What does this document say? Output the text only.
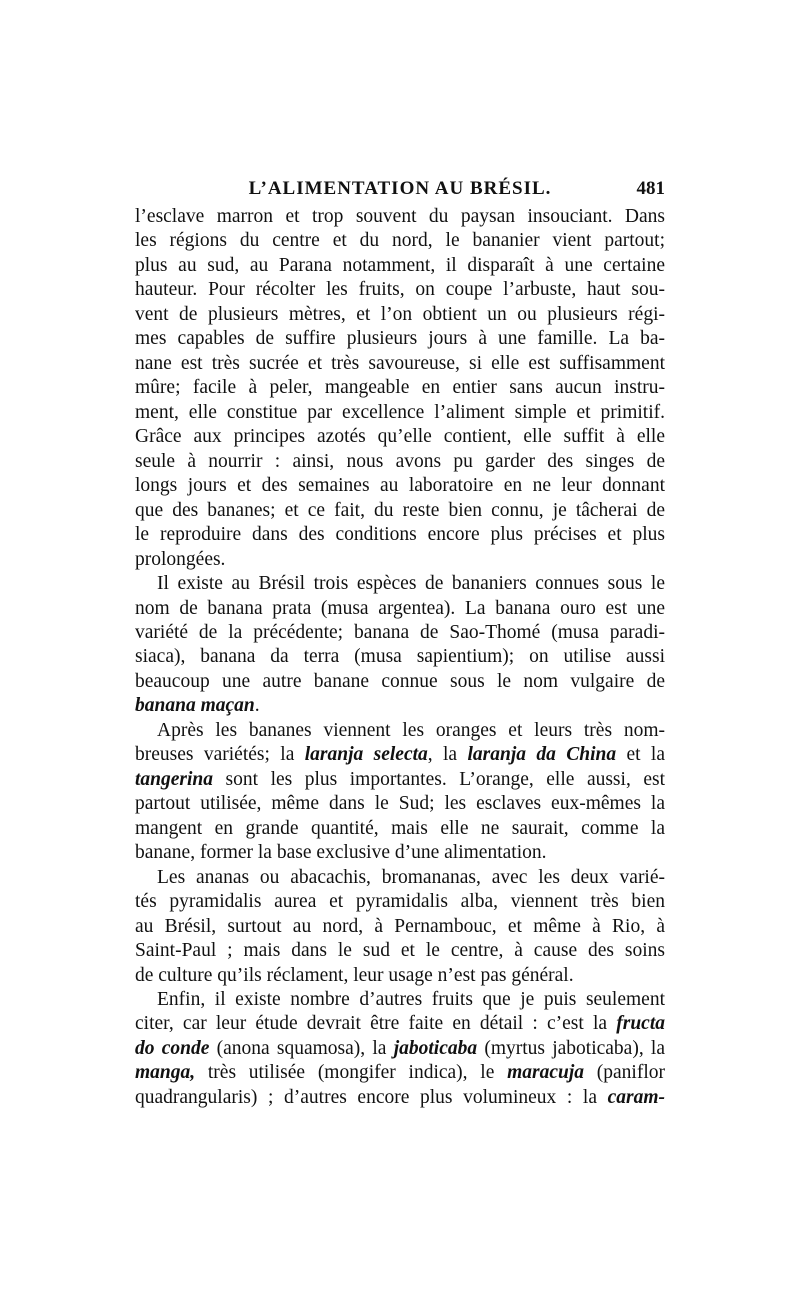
L’ALIMENTATION AU BRÉSIL.	481
l’esclave marron et trop souvent du paysan insouciant. Dans
les régions du centre et du nord, le bananier vient partout;
plus au sud, au Parana notamment, il disparaît à une certaine
hauteur. Pour récolter les fruits, on coupe l’arbuste, haut sou-
vent de plusieurs mètres, et l’on obtient un ou plusieurs régi-
mes capables de suffire plusieurs jours à une famille. La ba-
nane est très sucrée et très savoureuse, si elle est suffisamment
mûre; facile à peler, mangeable en entier sans aucun instru-
ment, elle constitue par excellence l’aliment simple et primitif.
Grâce aux principes azotés qu’elle contient, elle suffit à elle
seule à nourrir : ainsi, nous avons pu garder des singes de
longs jours et des semaines au laboratoire en ne leur donnant
que des bananes; et ce fait, du reste bien connu, je tâcherai de
le reproduire dans des conditions encore plus précises et plus
prolongées.
Il existe au Brésil trois espèces de bananiers connues sous le
nom de banana prata (musa argentea). La banana ouro est une
variété de la précédente; banana de Sao-Thomé (musa paradi-
siaca), banana da terra (musa sapientium); on utilise aussi
beaucoup une autre banane connue sous le nom vulgaire de
banana maçan.
Après les bananes viennent les oranges et leurs très nom-
breuses variétés; la laranja selecta, la laranja da China et la
tangerina sont les plus importantes. L’orange, elle aussi, est
partout utilisée, même dans le Sud; les esclaves eux-mêmes la
mangent en grande quantité, mais elle ne saurait, comme la
banane, former la base exclusive d’une alimentation.
Les ananas ou abacachis, bromananas, avec les deux varié-
tés pyramidalis aurea et pyramidalis alba, viennent très bien
au Brésil, surtout au nord, à Pernambouc, et même à Rio, à
Saint-Paul ; mais dans le sud et le centre, à cause des soins
de culture qu’ils réclament, leur usage n’est pas général.
Enfin, il existe nombre d’autres fruits que je puis seulement
citer, car leur étude devrait être faite en détail : c’est la fructa
do conde (anona squamosa), la jaboticaba (myrtus jaboticaba), la
manga, très utilisée (mongifer indica), le maracuja (paniflor
quadrangularis) ; d’autres encore plus volumineux : la caram-
